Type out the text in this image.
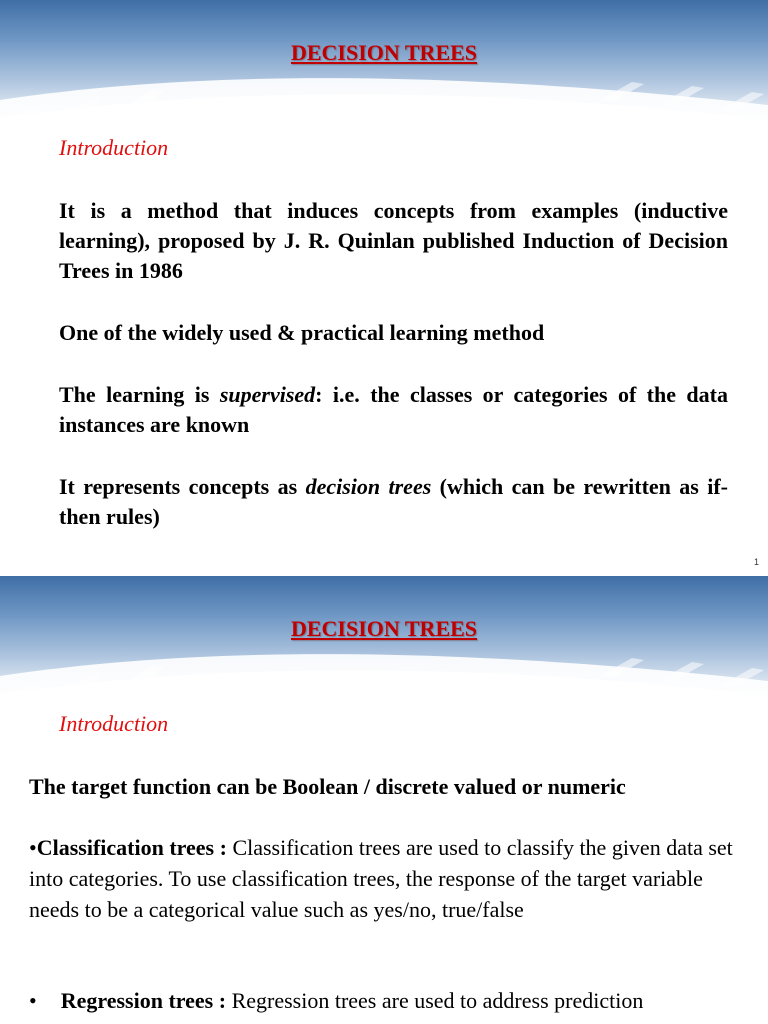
DECISION TREES
Introduction
It is a method that induces concepts from examples (inductive learning), proposed by J. R. Quinlan published Induction of Decision Trees in 1986
One of the widely used & practical learning method
The learning is supervised: i.e. the classes or categories of the data instances are known
It represents concepts as decision trees (which can be rewritten as if-then rules)
1
DECISION TREES
Introduction
The target function can be Boolean / discrete valued or numeric
•Classification trees : Classification trees are used to classify the given data set into categories. To use classification trees, the response of the target variable needs to be a categorical value such as yes/no, true/false
• Regression trees : Regression trees are used to address prediction
